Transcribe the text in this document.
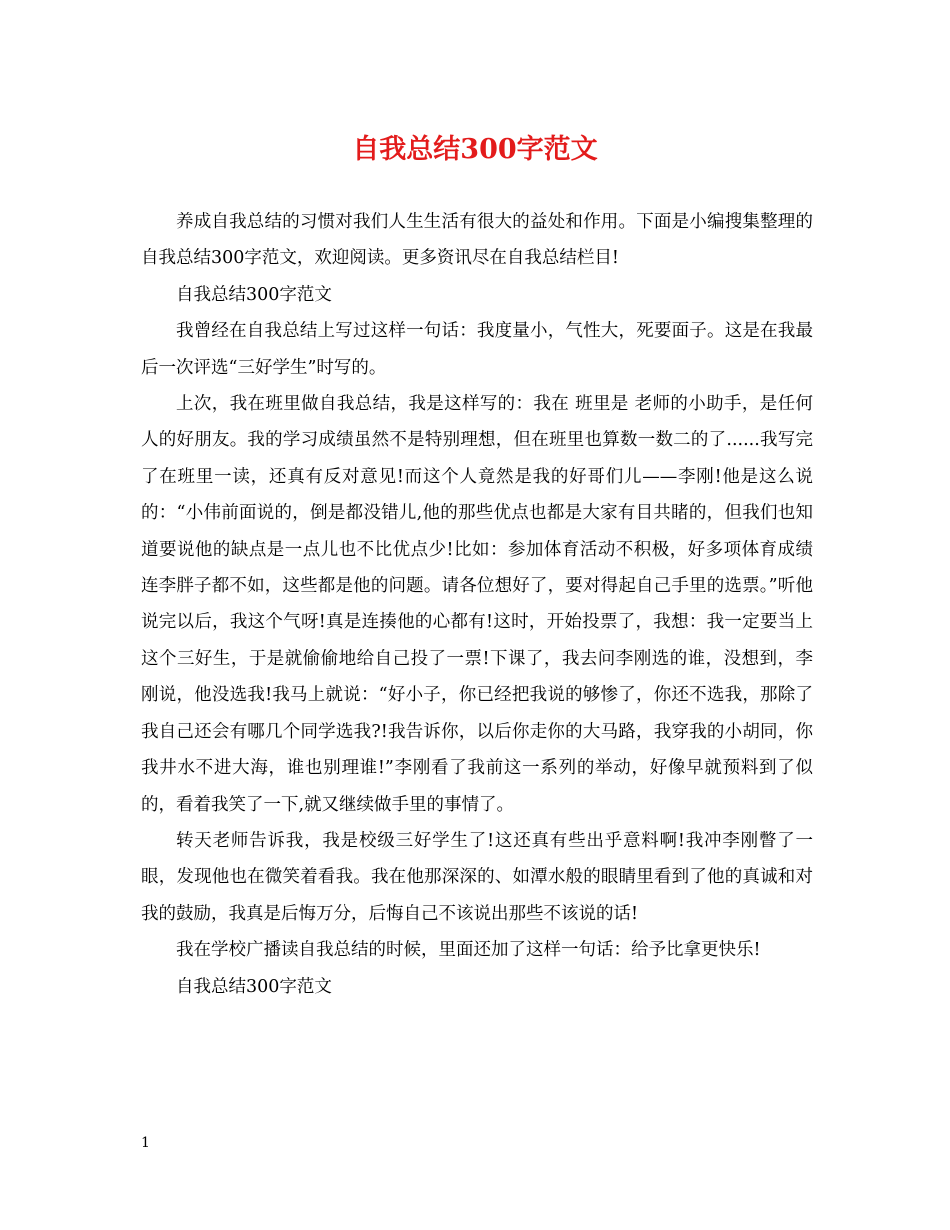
自我总结300字范文

养成自我总结的习惯对我们人生生活有很大的益处和作用。下面是小编搜集整理的自我总结300字范文，欢迎阅读。更多资讯尽在自我总结栏目!

自我总结300字范文

我曾经在自我总结上写过这样一句话：我度量小，气性大，死要面子。这是在我最后一次评选“三好学生”时写的。

上次，我在班里做自我总结，我是这样写的：我在 班里是 老师的小助手，是任何人的好朋友。我的学习成绩虽然不是特别理想，但在班里也算数一数二的了......我写完了在班里一读，还真有反对意见!而这个人竟然是我的好哥们儿——李刚!他是这么说的：“小伟前面说的，倒是都没错儿,他的那些优点也都是大家有目共睹的，但我们也知道要说他的缺点是一点儿也不比优点少!比如：参加体育活动不积极，好多项体育成绩连李胖子都不如，这些都是他的问题。请各位想好了，要对得起自己手里的选票。”听他说完以后，我这个气呀!真是连揍他的心都有!这时，开始投票了，我想：我一定要当上这个三好生，于是就偷偷地给自己投了一票!下课了，我去问李刚选的谁，没想到，李刚说，他没选我!我马上就说：“好小子，你已经把我说的够惨了，你还不选我，那除了我自己还会有哪几个同学选我?!我告诉你，以后你走你的大马路，我穿我的小胡同，你我井水不进大海，谁也别理谁!”李刚看了我前这一系列的举动，好像早就预料到了似的，看着我笑了一下,就又继续做手里的事情了。

转天老师告诉我，我是校级三好学生了!这还真有些出乎意料啊!我冲李刚瞥了一眼，发现他也在微笑着看我。我在他那深深的、如潭水般的眼睛里看到了他的真诚和对我的鼓励，我真是后悔万分，后悔自己不该说出那些不该说的话!

我在学校广播读自我总结的时候，里面还加了这样一句话：给予比拿更快乐!

自我总结300字范文

1
